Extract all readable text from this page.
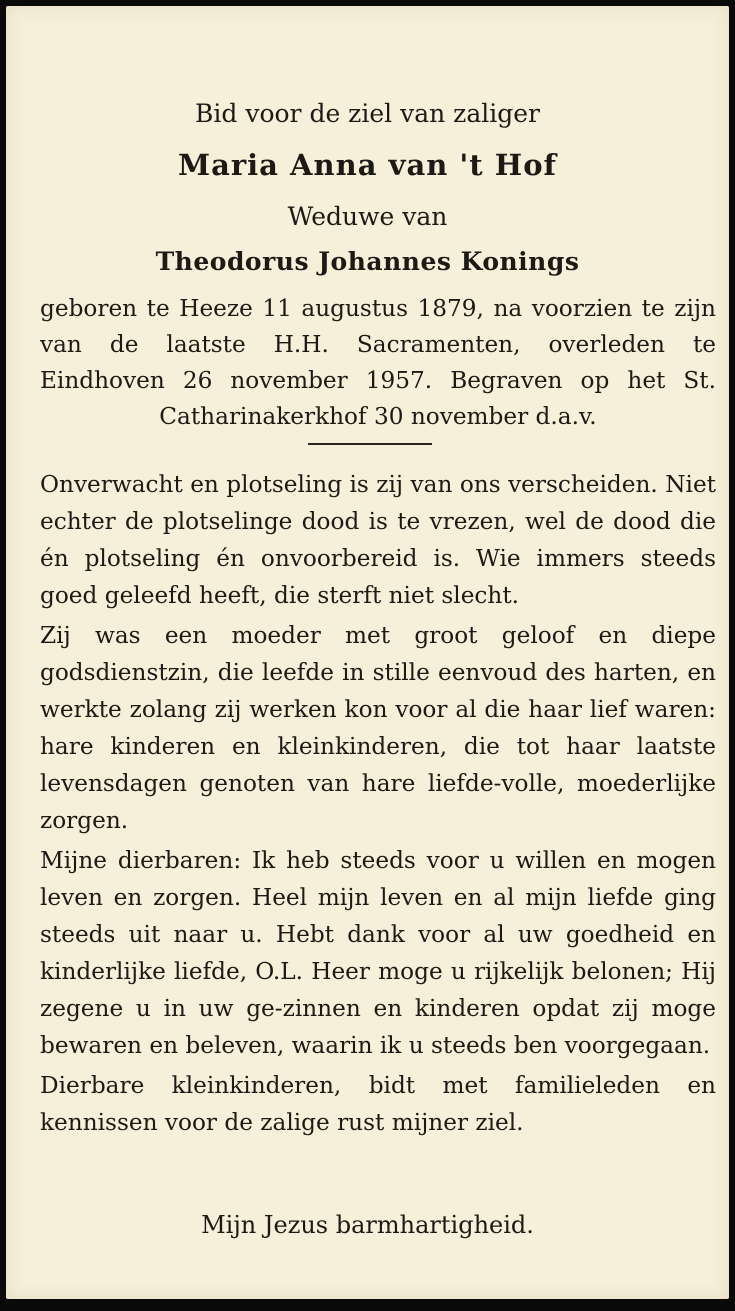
Bid voor de ziel van zaliger
Maria Anna van 't Hof
Weduwe van
Theodorus Johannes Konings
geboren te Heeze 11 augustus 1879, na voorzien te zijn van de laatste H.H. Sacramenten, overleden te Eindhoven 26 november 1957. Begraven op het St. Catharinakerkhof 30 november d.a.v.

Onverwacht en plotseling is zij van ons verscheiden. Niet echter de plotselinge dood is te vrezen, wel de dood die én plotseling én onvoorbereid is. Wie immers steeds goed geleefd heeft, die sterft niet slecht.

Zij was een moeder met groot geloof en diepe godsdienstzin, die leefde in stille eenvoud des harten, en werkte zolang zij werken kon voor al die haar lief waren: hare kinderen en kleinkinderen, die tot haar laatste levensdagen genoten van hare liefde-volle, moederlijke zorgen.

Mijne dierbaren: Ik heb steeds voor u willen en mogen leven en zorgen. Heel mijn leven en al mijn liefde ging steeds uit naar u. Hebt dank voor al uw goedheid en kinderlijke liefde, O.L. Heer moge u rijkelijk belonen; Hij zegene u in uw ge-zinnen en kinderen opdat zij moge bewaren en beleven, waarin ik u steeds ben voorgegaan.

Dierbare kleinkinderen, bidt met familieleden en kennissen voor de zalige rust mijner ziel.

Mijn Jezus barmhartigheid.
